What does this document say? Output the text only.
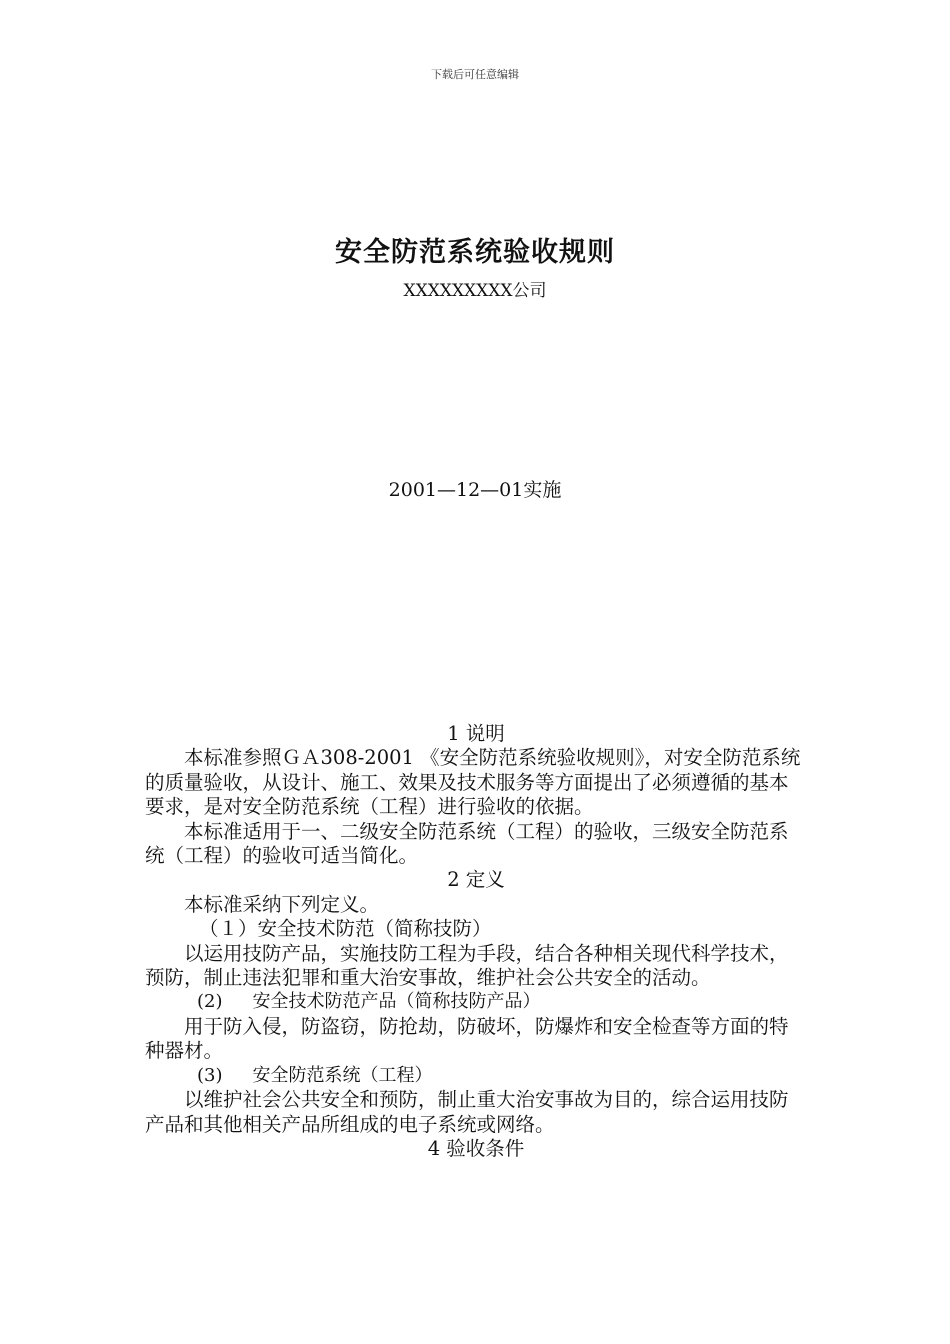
下载后可任意编辑
安全防范系统验收规则
XXXXXXXXX公司
2001—12—01实施

1 说明

本标准参照ＧＡ308-2001 《安全防范系统验收规则》，对安全防范系统的质量验收，从设计、施工、效果及技术服务等方面提出了必须遵循的基本要求，是对安全防范系统（工程）进行验收的依据。

本标准适用于一、二级安全防范系统（工程）的验收，三级安全防范系统（工程）的验收可适当简化。

2 定义

本标准采纳下列定义。

（１）安全技术防范（简称技防）

以运用技防产品，实施技防工程为手段，结合各种相关现代科学技术，预防，制止违法犯罪和重大治安事故，维护社会公共安全的活动。

(2) 安全技术防范产品（简称技防产品）

用于防入侵，防盗窃，防抢劫，防破坏，防爆炸和安全检查等方面的特种器材。

(3) 安全防范系统（工程）

以维护社会公共安全和预防，制止重大治安事故为目的，综合运用技防产品和其他相关产品所组成的电子系统或网络。

4 验收条件
